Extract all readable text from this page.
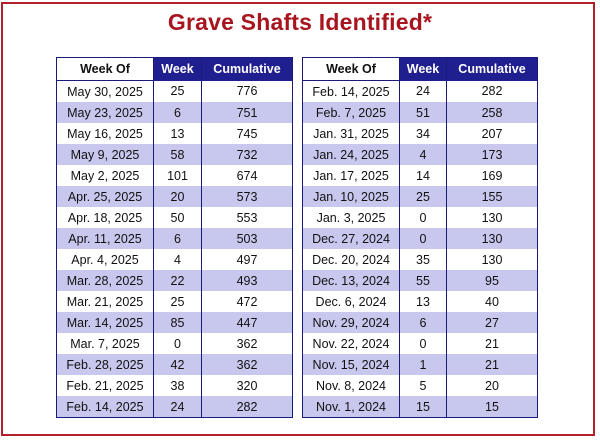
Grave Shafts Identified*
Week Of	Week	Cumulative
May 30, 2025	25	776
May 23, 2025	6	751
May 16, 2025	13	745
May 9, 2025	58	732
May 2, 2025	101	674
Apr. 25, 2025	20	573
Apr. 18, 2025	50	553
Apr. 11, 2025	6	503
Apr. 4, 2025	4	497
Mar. 28, 2025	22	493
Mar. 21, 2025	25	472
Mar. 14, 2025	85	447
Mar. 7, 2025	0	362
Feb. 28, 2025	42	362
Feb. 21, 2025	38	320
Feb. 14, 2025	24	282
Week Of	Week	Cumulative
Feb. 14, 2025	24	282
Feb. 7, 2025	51	258
Jan. 31, 2025	34	207
Jan. 24, 2025	4	173
Jan. 17, 2025	14	169
Jan. 10, 2025	25	155
Jan. 3, 2025	0	130
Dec. 27, 2024	0	130
Dec. 20, 2024	35	130
Dec. 13, 2024	55	95
Dec. 6, 2024	13	40
Nov. 29, 2024	6	27
Nov. 22, 2024	0	21
Nov. 15, 2024	1	21
Nov. 8, 2024	5	20
Nov. 1, 2024	15	15
